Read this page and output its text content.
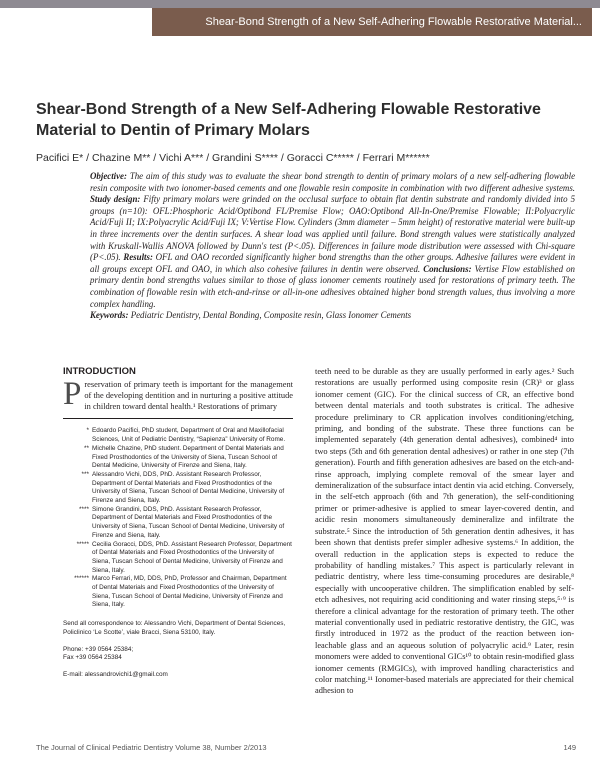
Shear-Bond Strength of a New Self-Adhering Flowable Restorative Material...
Shear-Bond Strength of a New Self-Adhering Flowable Restorative Material to Dentin of Primary Molars
Pacifici E* / Chazine M** / Vichi A*** / Grandini S**** / Goracci C***** / Ferrari M******
Objective: The aim of this study was to evaluate the shear bond strength to dentin of primary molars of a new self-adhering flowable resin composite with two ionomer-based cements and one flowable resin composite in combination with two different adhesive systems. Study design: Fifty primary molars were grinded on the occlusal surface to obtain flat dentin substrate and randomly divided into 5 groups (n=10): OFL:Phosphoric Acid/Optibond FL/Premise Flow; OAO:Optibond All-In-One/Premise Flowable; II:Polyacrylic Acid/Fuji II; IX:Polyacrylic Acid/Fuji IX; V:Vertise Flow. Cylinders (3mm diameter – 5mm height) of restorative material were built-up in three increments over the dentin surfaces. A shear load was applied until failure. Bond strength values were statistically analyzed with Kruskall-Wallis ANOVA followed by Dunn's test (P<.05). Differences in failure mode distribution were assessed with Chi-square (P<.05). Results: OFL and OAO recorded significantly higher bond strengths than the other groups. Adhesive failures were evident in all groups except OFL and OAO, in which also cohesive failures in dentin were observed. Conclusions: Vertise Flow established on primary dentin bond strengths values similar to those of glass ionomer cements routinely used for restorations of primary teeth. The combination of flowable resin with etch-and-rinse or all-in-one adhesives obtained higher bond strength values, thus involving a more complex handling.
Keywords: Pediatric Dentistry, Dental Bonding, Composite resin, Glass Ionomer Cements
INTRODUCTION

Preservation of primary teeth is important for the management of the developing dentition and in nurturing a positive attitude in children toward dental health.¹ Restorations of primary

* Edoardo Pacifici, PhD student, Department of Oral and Maxillofacial Sciences, Unit of Pediatric Dentistry, “Sapienza” University of Rome.
** Michelle Chazine, PhD student. Department of Dental Materials and Fixed Prosthodontics of the University of Siena, Tuscan School of Dental Medicine, University of Firenze and Siena, Italy.
*** Alessandro Vichi, DDS, PhD. Assistant Research Professor, Department of Dental Materials and Fixed Prosthodontics of the University of Siena, Tuscan School of Dental Medicine, University of Firenze and Siena, Italy.
**** Simone Grandini, DDS, PhD. Assistant Research Professor, Department of Dental Materials and Fixed Prosthodontics of the University of Siena, Tuscan School of Dental Medicine, University of Firenze and Siena, Italy.
***** Cecilia Goracci, DDS, PhD. Assistant Research Professor, Department of Dental Materials and Fixed Prosthodontics of the University of Siena, Tuscan School of Dental Medicine, University of Firenze and Siena, Italy.
****** Marco Ferrari, MD, DDS, PhD, Professor and Chairman, Department of Dental Materials and Fixed Prosthodontics of the University of Siena, Tuscan School of Dental Medicine, University of Firenze and Siena, Italy.

Send all correspondence to: Alessandro Vichi, Department of Dental Sciences, Policlinico ‘Le Scotte’, viale Bracci, Siena 53100, Italy.

Phone: +39 0564 25384;
Fax +39 0564 25384

E-mail: alessandrovichi1@gmail.com

teeth need to be durable as they are usually performed in early ages.² Such restorations are usually performed using composite resin (CR)³ or glass ionomer cement (GIC). For the clinical success of CR, an effective bond between dental materials and tooth substrates is critical. The adhesive procedure preliminary to CR application involves conditioning/etching, priming, and bonding of the substrate. These three functions can be implemented separately (4th generation dental adhesives), combined⁴ into two steps (5th and 6th generation dental adhesives) or rather in one step (7th generation). Fourth and fifth generation adhesives are based on the etch-and-rinse approach, implying complete removal of the smear layer and demineralization of the subsurface intact dentin via acid etching. Conversely, in the self-etch approach (6th and 7th generation), the self-conditioning primer or primer-adhesive is applied to smear layer-covered dentin, and acidic resin monomers simultaneously demineralize and infiltrate the substrate.⁵ Since the introduction of 5th generation dentin adhesives, it has been shown that dentists prefer simpler adhesive systems.⁶ In addition, the overall reduction in the application steps is expected to reduce the probability of handling mistakes.⁷ This aspect is particularly relevant in pediatric dentistry, where less time-consuming procedures are desirable,⁸ especially with uncooperative children. The simplification enabled by self-etch adhesives, not requiring acid conditioning and water rinsing steps,⁵·⁹ is therefore a clinical advantage for the restoration of primary teeth. The other material conventionally used in pediatric restorative dentistry, the GIC, was firstly introduced in 1972 as the product of the reaction between ion-leachable glass and an aqueous solution of polyacrylic acid.⁹ Later, resin monomers were added to conventional GICs¹⁰ to obtain resin-modified glass ionomer cements (RMGICs), with improved handling characteristics and color matching.¹¹ Ionomer-based materials are appreciated for their chemical adhesion to
The Journal of Clinical Pediatric Dentistry Volume 38, Number 2/2013	149
